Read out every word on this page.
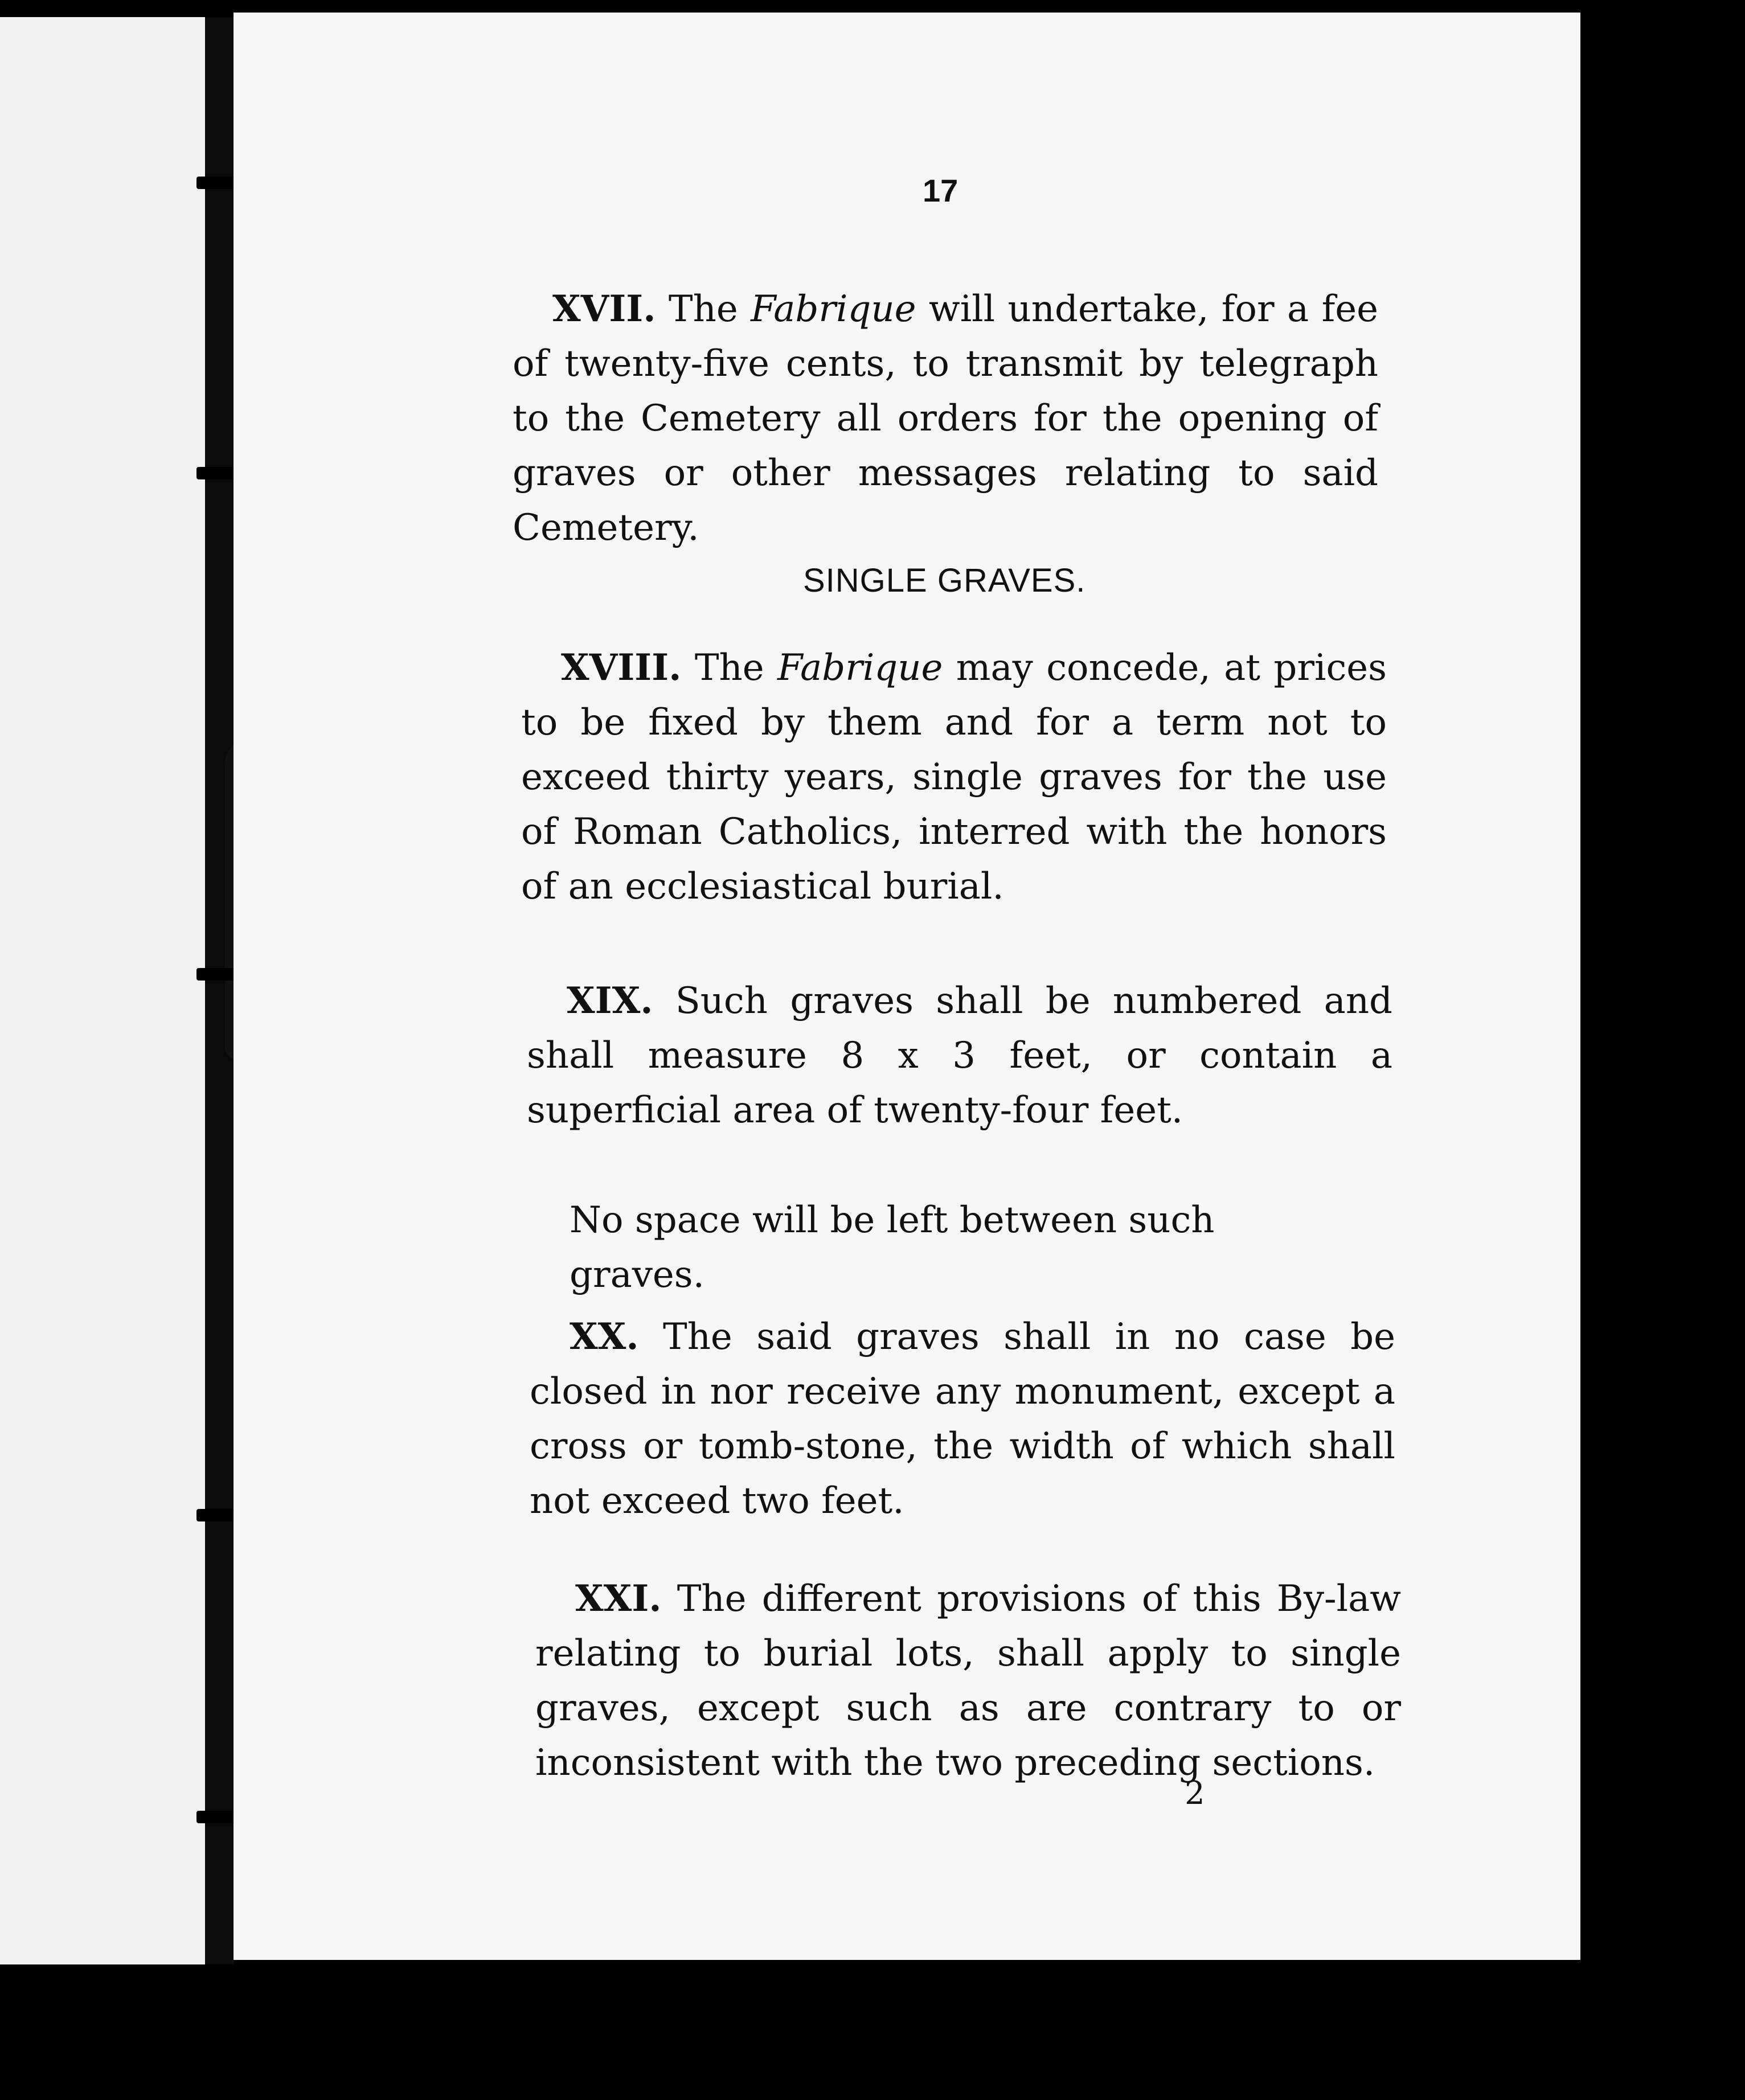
17

XVII. The Fabrique will undertake, for a fee of twenty-five cents, to transmit by telegraph to the Cemetery all orders for the opening of graves or other messages relating to said Cemetery.

SINGLE GRAVES.

XVIII. The Fabrique may concede, at prices to be fixed by them and for a term not to exceed thirty years, single graves for the use of Roman Catholics, interred with the honors of an ecclesiastical burial.

XIX. Such graves shall be numbered and shall measure 8 x 3 feet, or contain a superficial area of twenty-four feet.

No space will be left between such graves.

XX. The said graves shall in no case be closed in nor receive any monument, except a cross or tomb-stone, the width of which shall not exceed two feet.

XXI. The different provisions of this By-law relating to burial lots, shall apply to single graves, except such as are contrary to or inconsistent with the two preceding sections.

2
